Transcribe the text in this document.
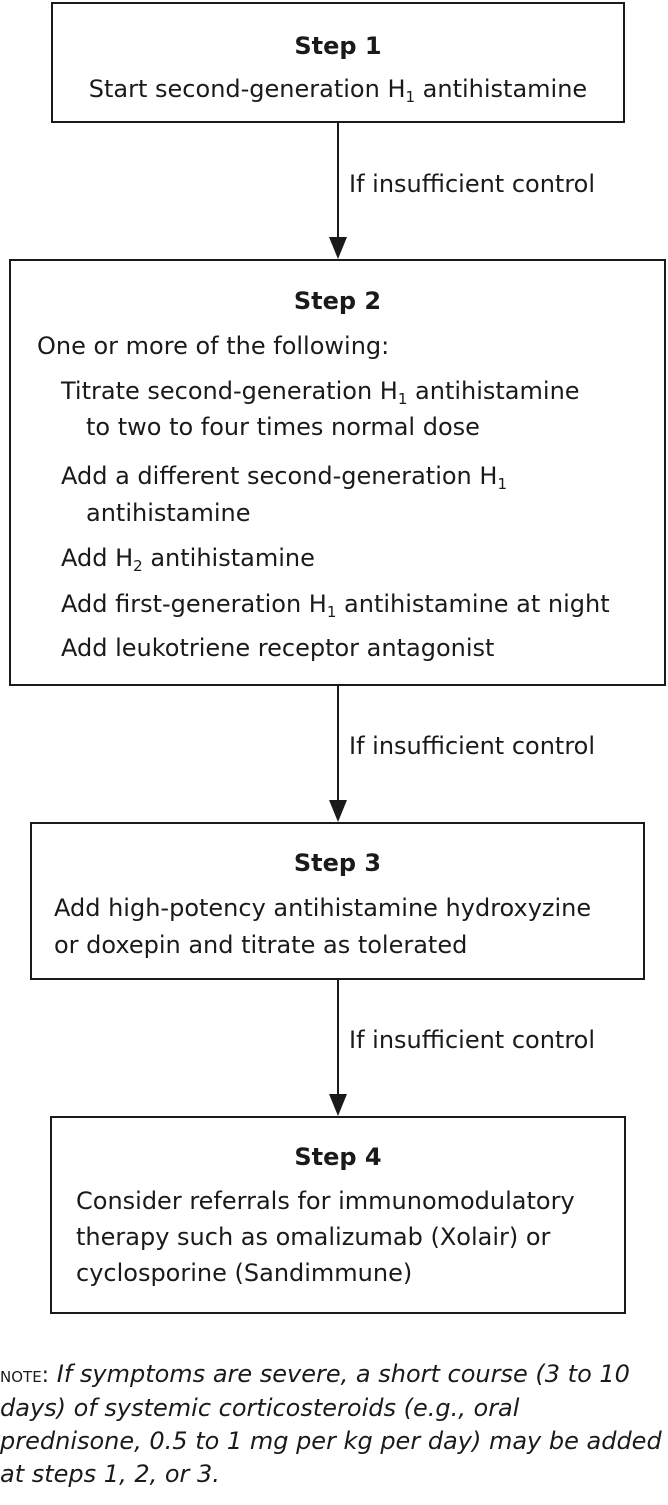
Step 1
Start second-generation $H_1$ antihistamine
If insufficient control
Step 2
One or more of the following:
Titrate second-generation $H_1$ antihistamine
to two to four times normal dose
Add a different second-generation $H_1$
antihistamine
Add $H_2$ antihistamine
Add first-generation $H_1$ antihistamine at night
Add leukotriene receptor antagonist
If insufficient control
Step 3
Add high-potency antihistamine hydroxyzine
or doxepin and titrate as tolerated
If insufficient control
Step 4
Consider referrals for immunomodulatory
therapy such as omalizumab (Xolair) or
cyclosporine (Sandimmune)
note: If symptoms are severe, a short course (3 to 10 days) of systemic corticosteroids (e.g., oral prednisone, 0.5 to 1 mg per kg per day) may be added at steps 1, 2, or 3.
